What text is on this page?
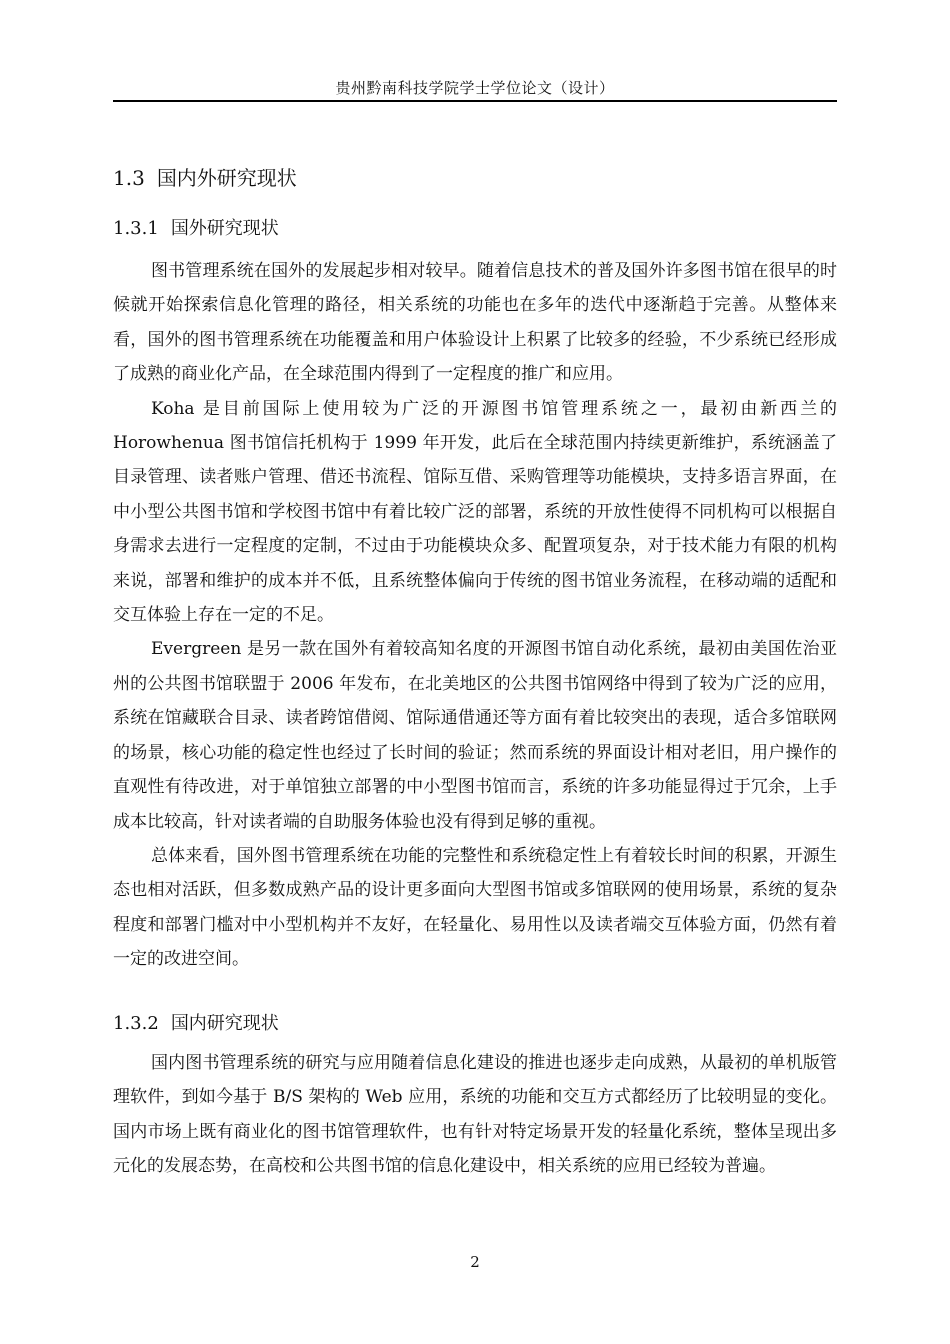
贵州黔南科技学院学士学位论文（设计）
1.3 国内外研究现状
1.3.1 国外研究现状

图书管理系统在国外的发展起步相对较早。随着信息技术的普及国外许多图书馆在很早的时候就开始探索信息化管理的路径，相关系统的功能也在多年的迭代中逐渐趋于完善。从整体来看，国外的图书管理系统在功能覆盖和用户体验设计上积累了比较多的经验，不少系统已经形成了成熟的商业化产品，在全球范围内得到了一定程度的推广和应用。

Koha 是目前国际上使用较为广泛的开源图书馆管理系统之一，最初由新西兰的 Horowhenua 图书馆信托机构于 1999 年开发，此后在全球范围内持续更新维护，系统涵盖了目录管理、读者账户管理、借还书流程、馆际互借、采购管理等功能模块，支持多语言界面，在中小型公共图书馆和学校图书馆中有着比较广泛的部署，系统的开放性使得不同机构可以根据自身需求去进行一定程度的定制，不过由于功能模块众多、配置项复杂，对于技术能力有限的机构来说，部署和维护的成本并不低，且系统整体偏向于传统的图书馆业务流程，在移动端的适配和交互体验上存在一定的不足。

Evergreen 是另一款在国外有着较高知名度的开源图书馆自动化系统，最初由美国佐治亚州的公共图书馆联盟于 2006 年发布，在北美地区的公共图书馆网络中得到了较为广泛的应用，系统在馆藏联合目录、读者跨馆借阅、馆际通借通还等方面有着比较突出的表现，适合多馆联网的场景，核心功能的稳定性也经过了长时间的验证；然而系统的界面设计相对老旧，用户操作的直观性有待改进，对于单馆独立部署的中小型图书馆而言，系统的许多功能显得过于冗余，上手成本比较高，针对读者端的自助服务体验也没有得到足够的重视。

总体来看，国外图书管理系统在功能的完整性和系统稳定性上有着较长时间的积累，开源生态也相对活跃，但多数成熟产品的设计更多面向大型图书馆或多馆联网的使用场景，系统的复杂程度和部署门槛对中小型机构并不友好，在轻量化、易用性以及读者端交互体验方面，仍然有着一定的改进空间。

1.3.2 国内研究现状

国内图书管理系统的研究与应用随着信息化建设的推进也逐步走向成熟，从最初的单机版管理软件，到如今基于 B/S 架构的 Web 应用，系统的功能和交互方式都经历了比较明显的变化。国内市场上既有商业化的图书馆管理软件，也有针对特定场景开发的轻量化系统，整体呈现出多元化的发展态势，在高校和公共图书馆的信息化建设中，相关系统的应用已经较为普遍。

2
